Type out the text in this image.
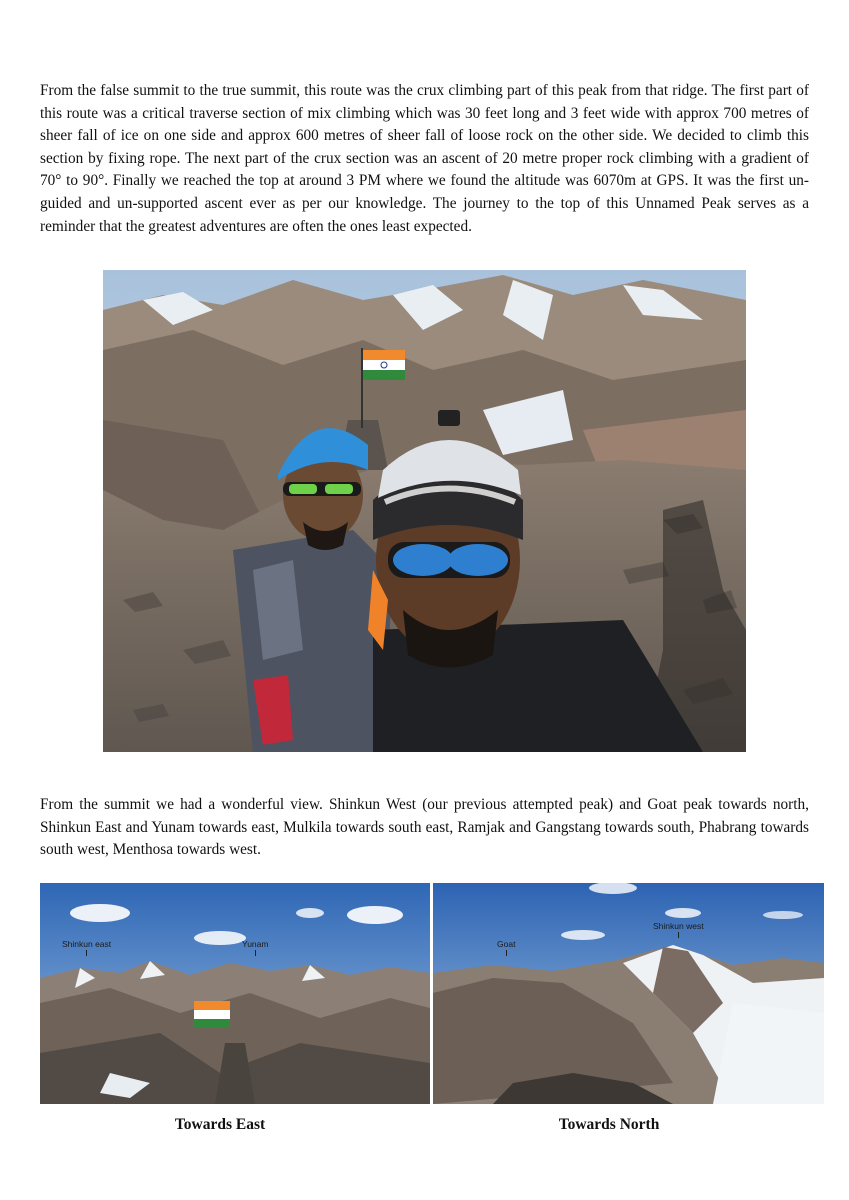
From the false summit to the true summit, this route was the crux climbing part of this peak from that ridge. The first part of this route was a critical traverse section of mix climbing which was 30 feet long and 3 feet wide with approx 700 metres of sheer fall of ice on one side and approx 600 metres of sheer fall of loose rock on the other side. We decided to climb this section by fixing rope. The next part of the crux section was an ascent of 20 metre proper rock climbing with a gradient of 70° to 90°. Finally we reached the top at around 3 PM where we found the altitude was 6070m at GPS. It was the first un-guided and un-supported ascent ever as per our knowledge. The journey to the top of this Unnamed Peak serves as a reminder that the greatest adventures are often the ones least expected.

From the summit we had a wonderful view. Shinkun West (our previous attempted peak) and Goat peak towards north, Shinkun East and Yunam towards east, Mulkila towards south east, Ramjak and Gangstang towards south, Phabrang towards south west, Menthosa towards west.

Shinkun east	Yunam	Goat
Shinkun west
Towards East	Towards North
